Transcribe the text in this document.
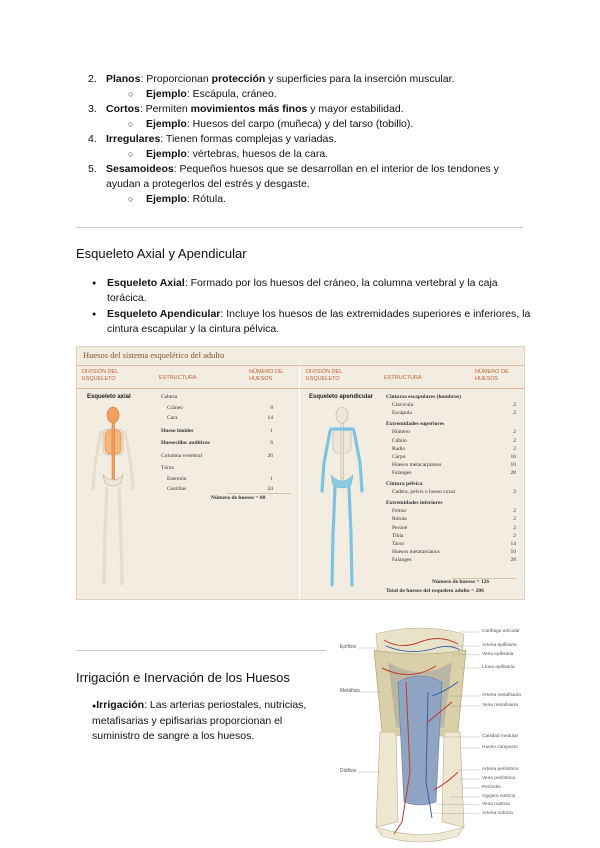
2. Planos: Proporcionan protección y superficies para la inserción muscular.
○ Ejemplo: Escápula, cráneo.
3. Cortos: Permiten movimientos más finos y mayor estabilidad.
○ Ejemplo: Huesos del carpo (muñeca) y del tarso (tobillo).
4. Irregulares: Tienen formas complejas y variadas.
○ Ejemplo: vértebras, huesos de la cara.
5. Sesamoideos: Pequeños huesos que se desarrollan en el interior de los tendones y ayudan a protegerlos del estrés y desgaste.
○ Ejemplo: Rótula.
Esqueleto Axial y Apendicular
● Esqueleto Axial: Formado por los huesos del cráneo, la columna vertebral y la caja torácica.
● Esqueleto Apendicular: Incluye los huesos de las extremidades superiores e inferiores, la cintura escapular y la cintura pélvica.
Huesos del sistema esquelético del adulto
DIVISIÓN DEL ESQUELETO	ESTRUCTURA
NÚMERO DE HUESOS
DIVISIÓN DEL ESQUELETO	ESTRUCTURA
NÚMERO DE HUESOS
Esqueleto axial	Esqueleto apendicular
Cabeza
Cráneo	8
Cara	14
Hueso hioides	1
Huesecillos auditivos	6
Columna vertebral	26
Tórax
Esternón	1
Costillas	24
Número de huesos = 80
Cinturas escapulares (hombros)
Clavícula	2
Escápula	2
Extremidades superiores
Húmero	2
Cúbito	2
Radio	2
Carpo	16
Huesos metacarpianos	10
Falanges	28
Cintura pélvica
Cadera, pelvis o hueso coxal	2
Extremidades inferiores
Fémur	2
Rótula	2
Peroné	2
Tibia	2
Tarso	14
Huesos metatarsianos	10
Falanges	28
Número de huesos = 126
Total de huesos del esqueleto adulto = 206
Irrigación e Inervación de los Huesos
●Irrigación: Las arterias periostales, nutricias, metafisarias y epifisarias proporcionan el suministro de sangre a los huesos.
Cartílago articular
Arteria epifisaria
Vena epifisaria
Línea epifisaria
Arteria metafisaria
Vena metafisaria
Cavidad medular
Hueso compacto
Arteria perióstica
Vena perióstica
Periostio
Agujero nutricio
Vena nutricia
Arteria nutricia
Epífisis
Metáfisis
Diáfisis
